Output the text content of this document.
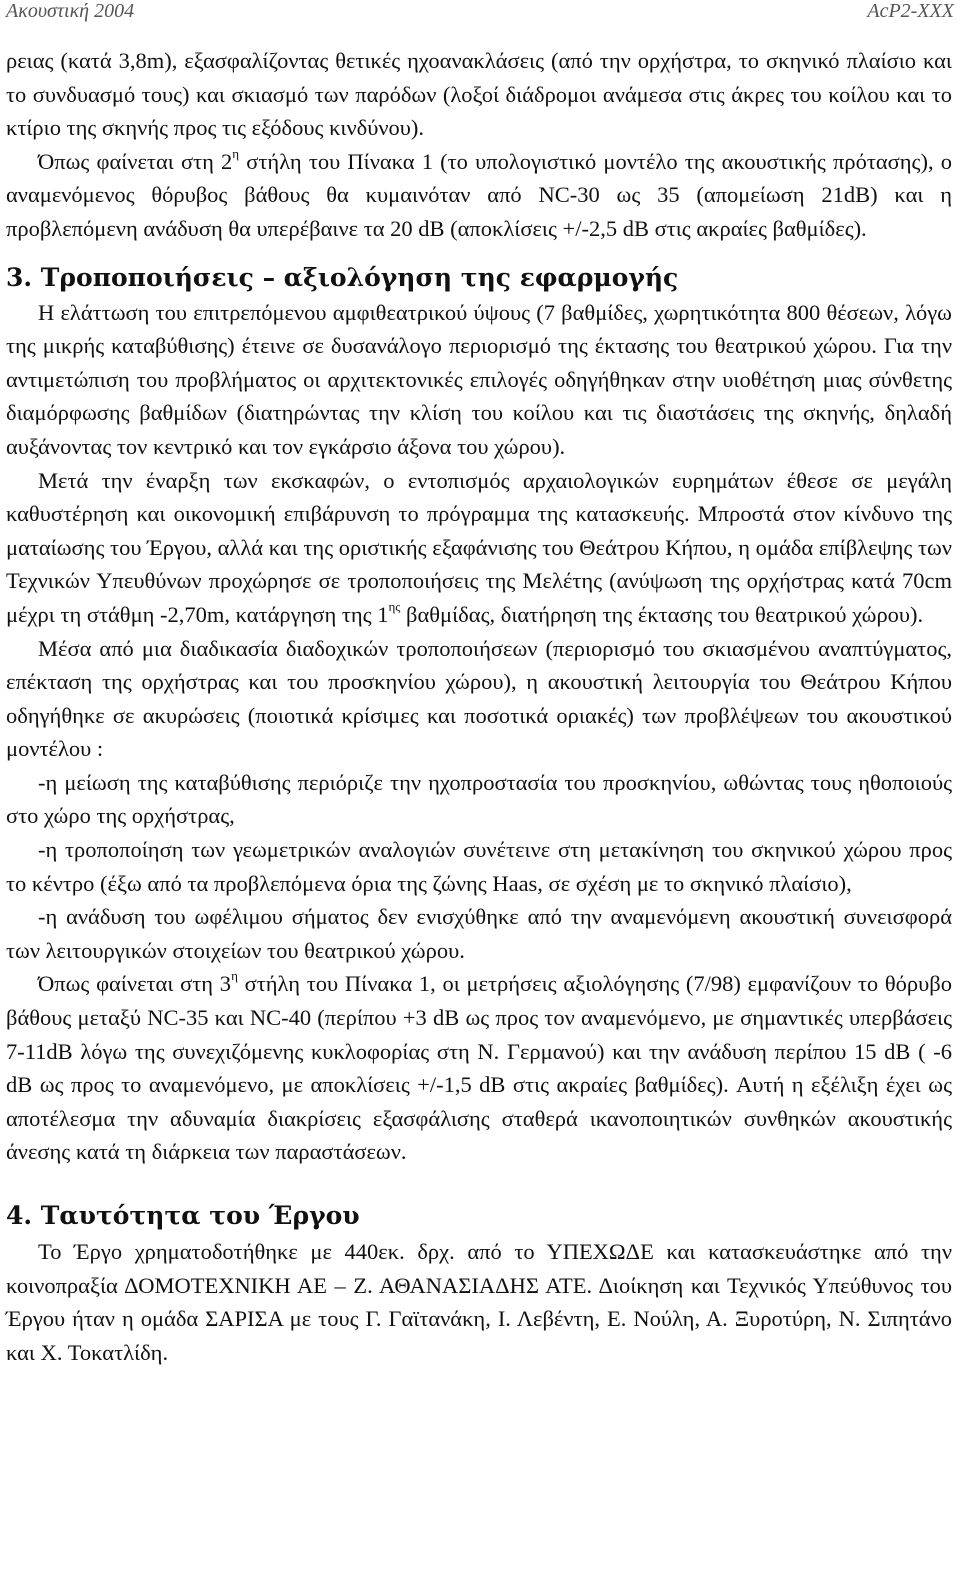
Ακουστική 2004	AcP2-XXX

ρειας (κατά 3,8m), εξασφαλίζοντας θετικές ηχοανακλάσεις (από την ορχήστρα, το σκηνικό πλαίσιο και το συνδυασμό τους) και σκιασμό των παρόδων (λοξοί διάδρομοι ανάμεσα στις άκρες του κοίλου και το κτίριο της σκηνής προς τις εξόδους κινδύνου).

Όπως φαίνεται στη $2^\eta$ στήλη του Πίνακα 1 (το υπολογιστικό μοντέλο της ακουστικής πρότασης), ο αναμενόμενος θόρυβος βάθους θα κυμαινόταν από NC-30 ως 35 (απομείωση 21dB) και η προβλεπόμενη ανάδυση θα υπερέβαινε τα 20 dB (αποκλίσεις +/-2,5 dB στις ακραίες βαθμίδες).

3. Τροποποιήσεις – αξιολόγηση της εφαρμογής

Η ελάττωση του επιτρεπόμενου αμφιθεατρικού ύψους (7 βαθμίδες, χωρητικότητα 800 θέσεων, λόγω της μικρής καταβύθισης) έτεινε σε δυσανάλογο περιορισμό της έκτασης του θεατρικού χώρου. Για την αντιμετώπιση του προβλήματος οι αρχιτεκτονικές επιλογές οδηγήθηκαν στην υιοθέτηση μιας σύνθετης διαμόρφωσης βαθμίδων (διατηρώντας την κλίση του κοίλου και τις διαστάσεις της σκηνής, δηλαδή αυξάνοντας τον κεντρικό και τον εγκάρσιο άξονα του χώρου).

Μετά την έναρξη των εκσκαφών, ο εντοπισμός αρχαιολογικών ευρημάτων έθεσε σε μεγάλη καθυστέρηση και οικονομική επιβάρυνση το πρόγραμμα της κατασκευής. Μπροστά στον κίνδυνο της ματαίωσης του Έργου, αλλά και της οριστικής εξαφάνισης του Θεάτρου Κήπου, η ομάδα επίβλεψης των Τεχνικών Υπευθύνων προχώρησε σε τροποποιήσεις της Μελέτης (ανύψωση της ορχήστρας κατά 70cm μέχρι τη στάθμη -2,70m, κατάργηση της $1^{\eta\varsigma}$ βαθμίδας, διατήρηση της έκτασης του θεατρικού χώρου).

Μέσα από μια διαδικασία διαδοχικών τροποποιήσεων (περιορισμό του σκιασμένου αναπτύγματος, επέκταση της ορχήστρας και του προσκηνίου χώρου), η ακουστική λειτουργία του Θεάτρου Κήπου οδηγήθηκε σε ακυρώσεις (ποιοτικά κρίσιμες και ποσοτικά οριακές) των προβλέψεων του ακουστικού μοντέλου :

-η μείωση της καταβύθισης περιόριζε την ηχοπροστασία του προσκηνίου, ωθώντας τους ηθοποιούς στο χώρο της ορχήστρας,

-η τροποποίηση των γεωμετρικών αναλογιών συνέτεινε στη μετακίνηση του σκηνικού χώρου προς το κέντρο (έξω από τα προβλεπόμενα όρια της ζώνης Haas, σε σχέση με το σκηνικό πλαίσιο),

-η ανάδυση του ωφέλιμου σήματος δεν ενισχύθηκε από την αναμενόμενη ακουστική συνεισφορά των λειτουργικών στοιχείων του θεατρικού χώρου.

Όπως φαίνεται στη $3^\eta$ στήλη του Πίνακα 1, οι μετρήσεις αξιολόγησης (7/98) εμφανίζουν το θόρυβο βάθους μεταξύ NC-35 και NC-40 (περίπου +3 dB ως προς τον αναμενόμενο, με σημαντικές υπερβάσεις 7-11dB λόγω της συνεχιζόμενης κυκλοφορίας στη Ν. Γερμανού) και την ανάδυση περίπου 15 dB ( -6 dB ως προς το αναμενόμενο, με αποκλίσεις +/-1,5 dB στις ακραίες βαθμίδες). Αυτή η εξέλιξη έχει ως αποτέλεσμα την αδυναμία διακρίσεις εξασφάλισης σταθερά ικανοποιητικών συνθηκών ακουστικής άνεσης κατά τη διάρκεια των παραστάσεων.

4. Ταυτότητα του Έργου

Το Έργο χρηματοδοτήθηκε με 440εκ. δρχ. από το ΥΠΕΧΩΔΕ και κατασκευάστηκε από την κοινοπραξία ΔΟΜΟΤΕΧΝΙΚΗ ΑΕ – Ζ. ΑΘΑΝΑΣΙΑΔΗΣ ΑΤΕ. Διοίκηση και Τεχνικός Υπεύθυνος του Έργου ήταν η ομάδα ΣΑΡΙΣΑ με τους Γ. Γαϊτανάκη, Ι. Λεβέντη, Ε. Νούλη, Α. Ξυροτύρη, Ν. Σιπητάνο και Χ. Τοκατλίδη.
